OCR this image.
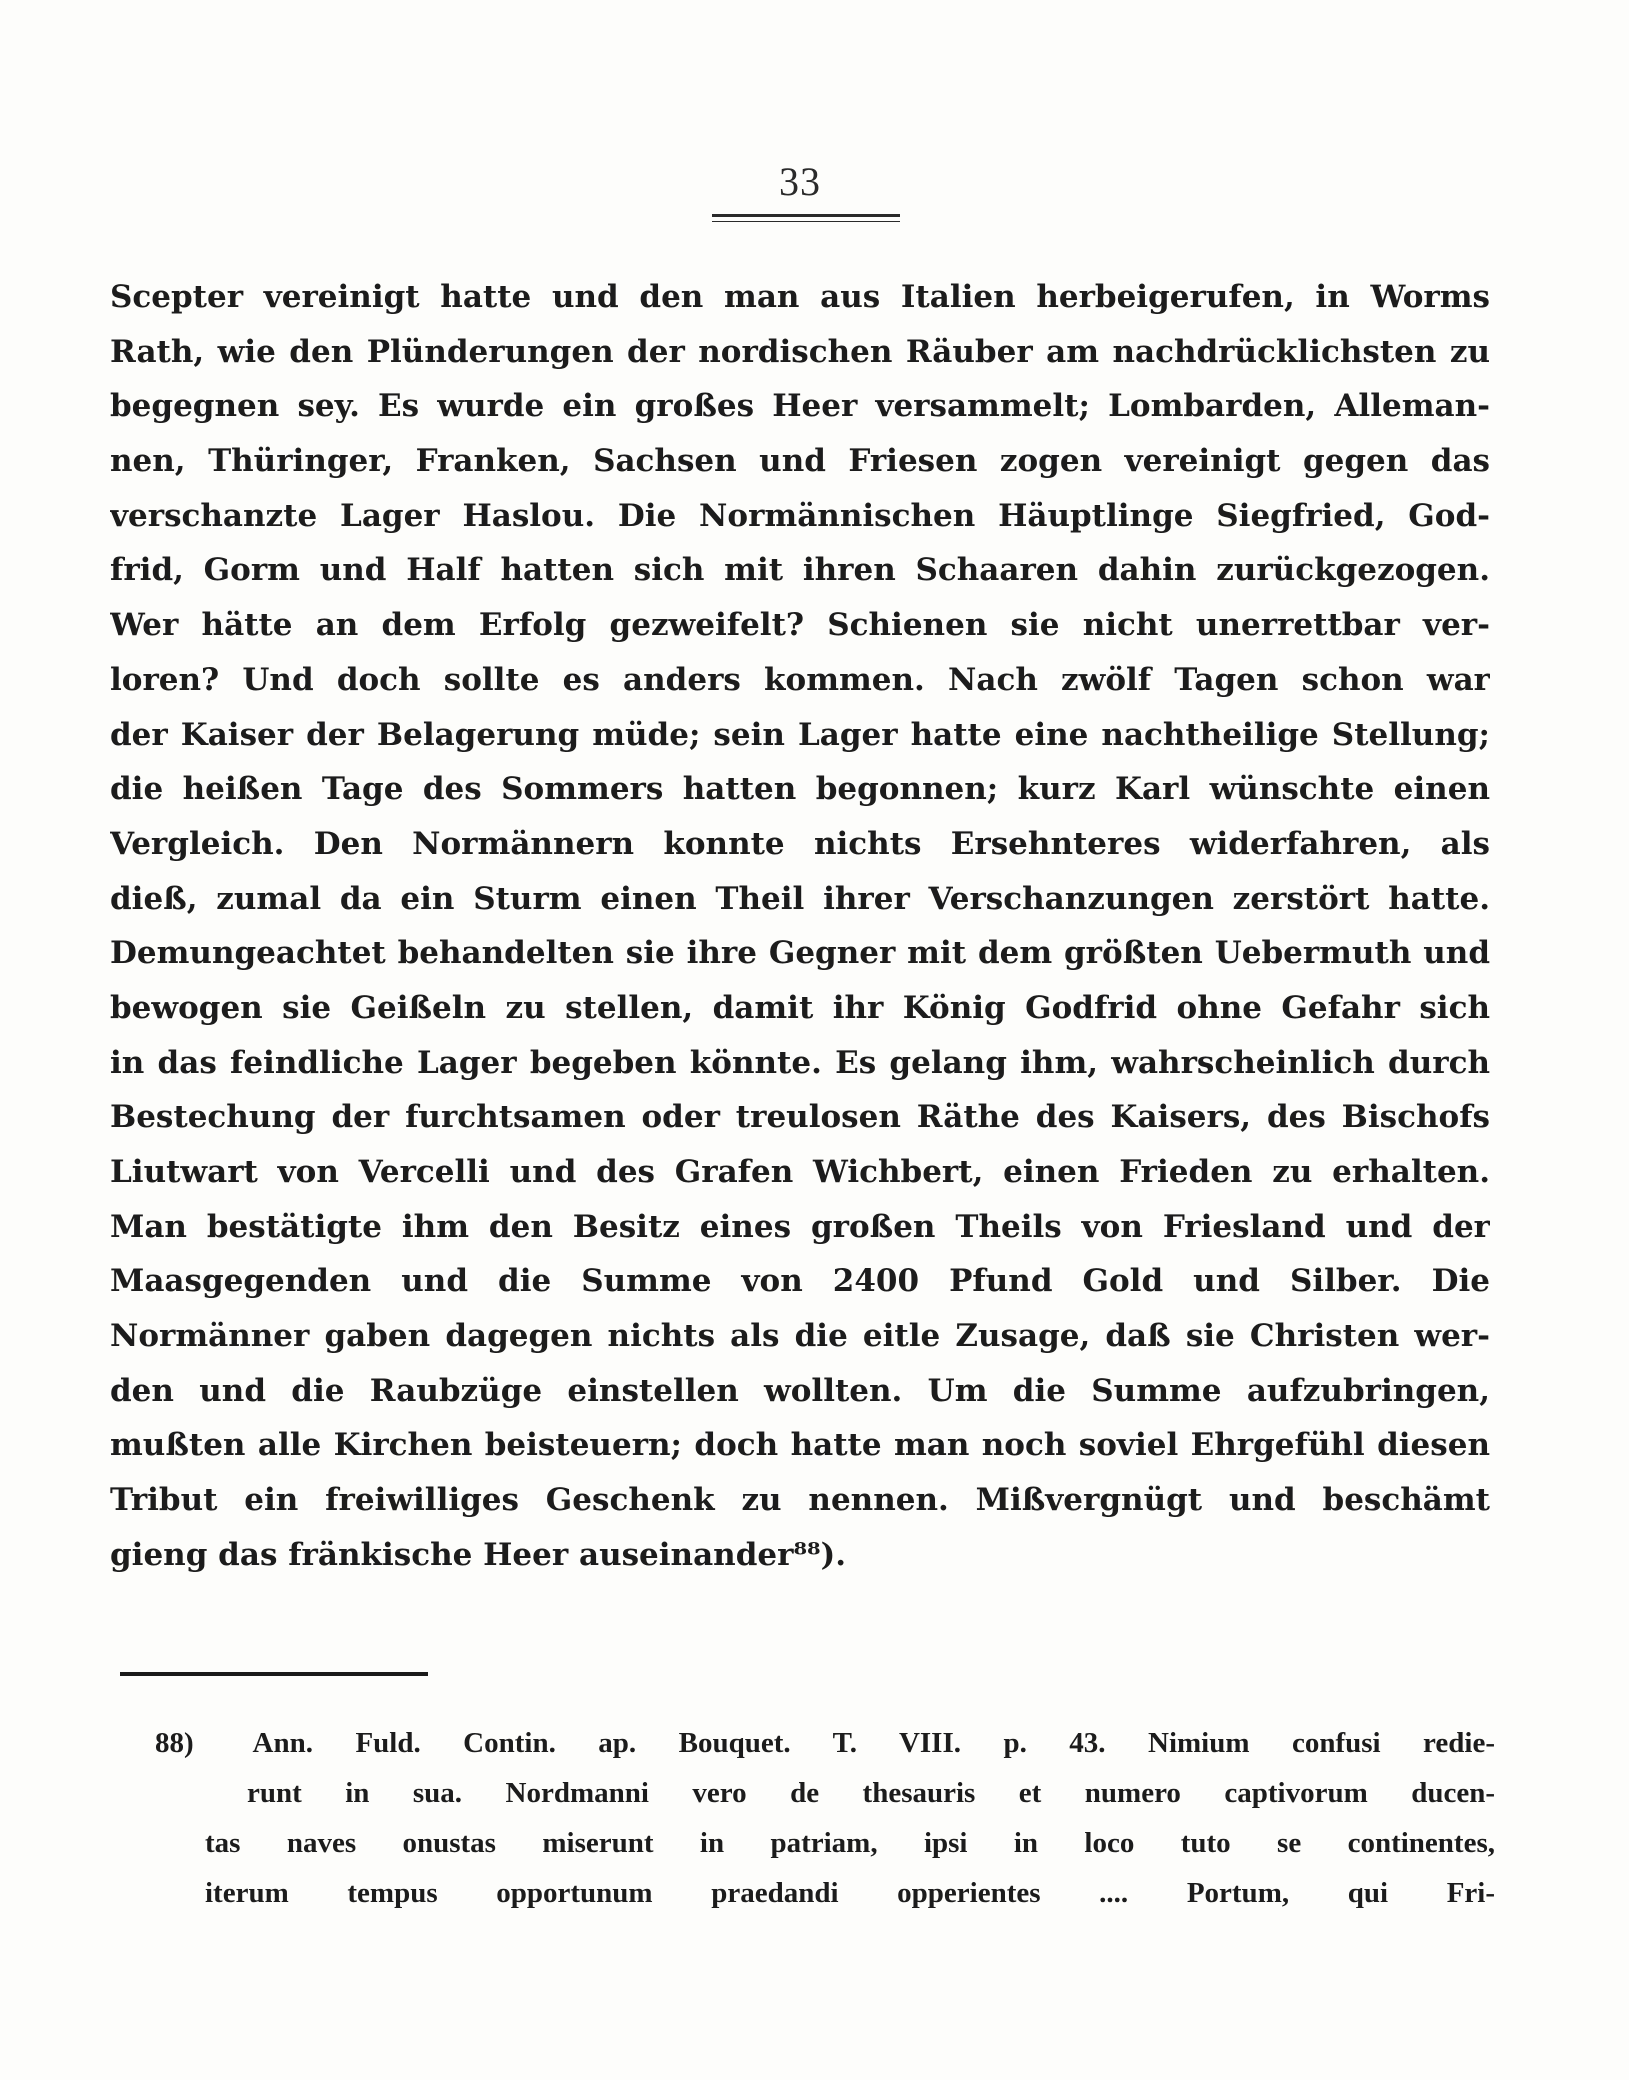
33
Scepter vereinigt hatte und den man aus Italien herbeigerufen, in Worms
Rath, wie den Plünderungen der nordischen Räuber am nachdrücklichsten zu
begegnen sey. Es wurde ein großes Heer versammelt; Lombarden, Alleman-
nen, Thüringer, Franken, Sachsen und Friesen zogen vereinigt gegen das
verschanzte Lager Haslou. Die Normännischen Häuptlinge Siegfried, God-
frid, Gorm und Half hatten sich mit ihren Schaaren dahin zurückgezogen.
Wer hätte an dem Erfolg gezweifelt? Schienen sie nicht unerrettbar ver-
loren? Und doch sollte es anders kommen. Nach zwölf Tagen schon war
der Kaiser der Belagerung müde; sein Lager hatte eine nachtheilige Stellung;
die heißen Tage des Sommers hatten begonnen; kurz Karl wünschte einen
Vergleich. Den Normännern konnte nichts Ersehnteres widerfahren, als
dieß, zumal da ein Sturm einen Theil ihrer Verschanzungen zerstört hatte.
Demungeachtet behandelten sie ihre Gegner mit dem größten Uebermuth und
bewogen sie Geißeln zu stellen, damit ihr König Godfrid ohne Gefahr sich
in das feindliche Lager begeben könnte. Es gelang ihm, wahrscheinlich durch
Bestechung der furchtsamen oder treulosen Räthe des Kaisers, des Bischofs
Liutwart von Vercelli und des Grafen Wichbert, einen Frieden zu erhalten.
Man bestätigte ihm den Besitz eines großen Theils von Friesland und der
Maasgegenden und die Summe von 2400 Pfund Gold und Silber. Die
Normänner gaben dagegen nichts als die eitle Zusage, daß sie Christen wer-
den und die Raubzüge einstellen wollten. Um die Summe aufzubringen,
mußten alle Kirchen beisteuern; doch hatte man noch soviel Ehrgefühl diesen
Tribut ein freiwilliges Geschenk zu nennen. Mißvergnügt und beschämt
gieng das fränkische Heer auseinander⁸⁸).
88) Ann. Fuld. Contin. ap. Bouquet. T. VIII. p. 43. Nimium confusi redie-
runt in sua. Nordmanni vero de thesauris et numero captivorum ducen-
tas naves onustas miserunt in patriam, ipsi in loco tuto se continentes,
iterum tempus opportunum praedandi opperientes .... Portum, qui Fri-
